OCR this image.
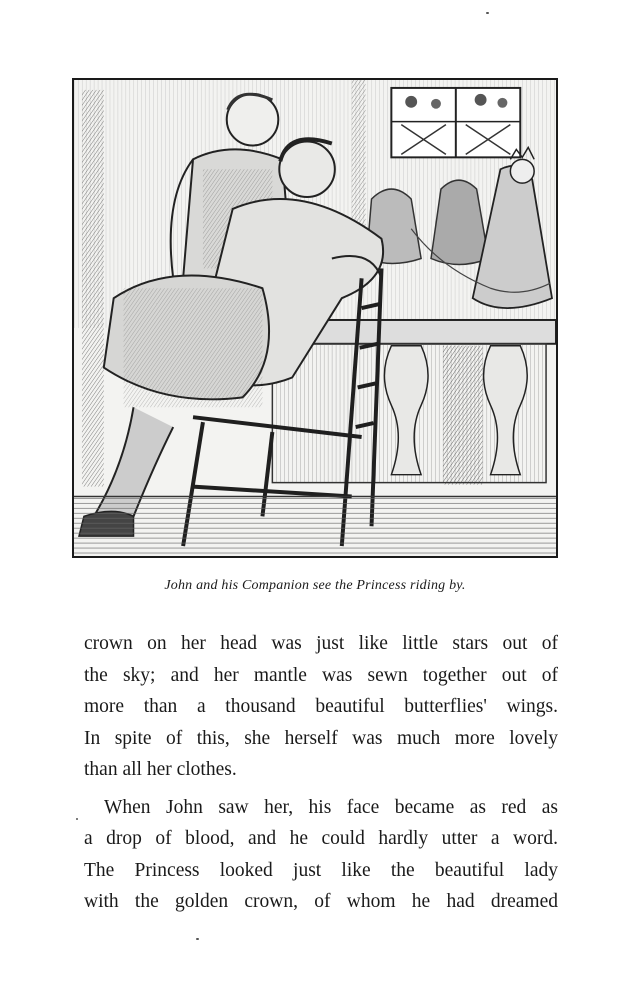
John and his Companion see the Princess riding by.
crown on her head was just like little stars out of
the sky; and her mantle was sewn together out of
more than a thousand beautiful butterflies' wings.
In spite of this, she herself was much more lovely
than all her clothes.
When John saw her, his face became as red as
a drop of blood, and he could hardly utter a word.
The Princess looked just like the beautiful lady
with the golden crown, of whom he had dreamed
